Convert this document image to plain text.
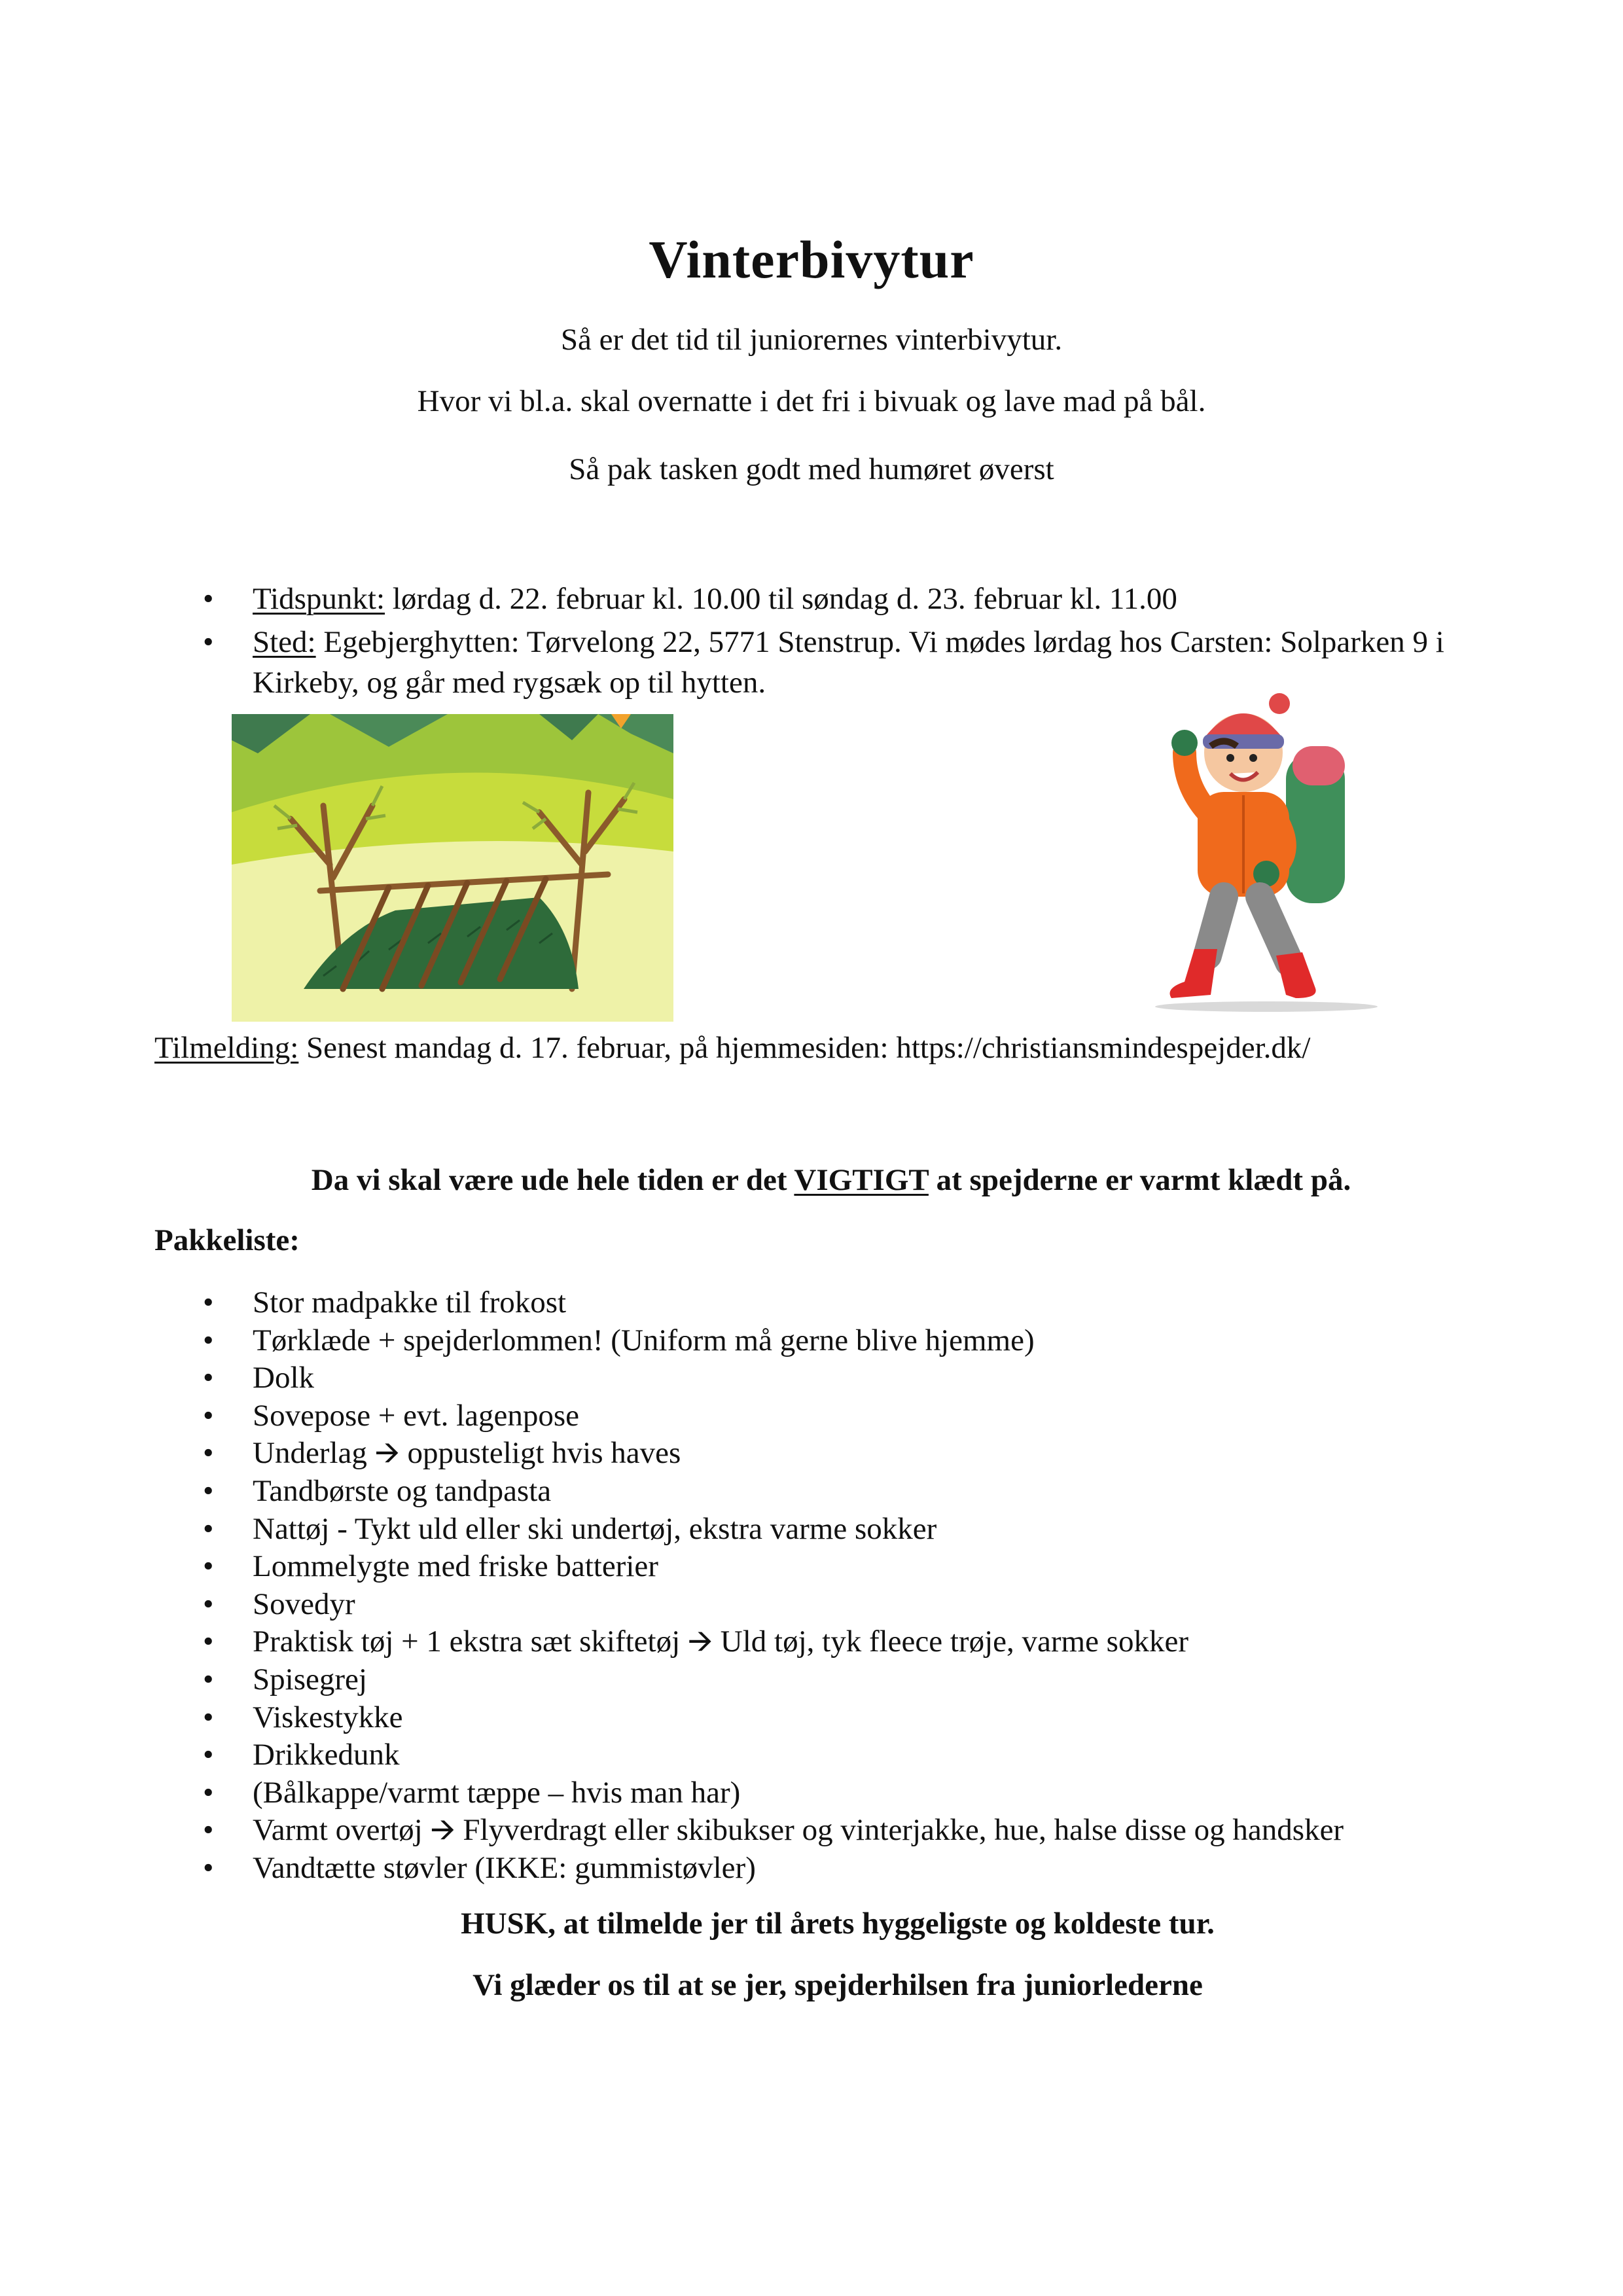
Vinterbivytur
Så er det tid til juniorernes vinterbivytur.
Hvor vi bl.a. skal overnatte i det fri i bivuak og lave mad på bål.
Så pak tasken godt med humøret øverst
• Tidspunkt: lørdag d. 22. februar kl. 10.00 til søndag d. 23. februar kl. 11.00
• Sted: Egebjerghytten: Tørvelong 22, 5771 Stenstrup. Vi mødes lørdag hos Carsten: Solparken 9 i Kirkeby, og går med rygsæk op til hytten.
Tilmelding: Senest mandag d. 17. februar, på hjemmesiden: https://christiansmindespejder.dk/
Da vi skal være ude hele tiden er det VIGTIGT at spejderne er varmt klædt på.
Pakkeliste:
• Stor madpakke til frokost
• Tørklæde + spejderlommen! (Uniform må gerne blive hjemme)
• Dolk
• Sovepose + evt. lagenpose
• Underlag 🡪 oppusteligt hvis haves
• Tandbørste og tandpasta
• Nattøj - Tykt uld eller ski undertøj, ekstra varme sokker
• Lommelygte med friske batterier
• Sovedyr
• Praktisk tøj + 1 ekstra sæt skiftetøj 🡪 Uld tøj, tyk fleece trøje, varme sokker
• Spisegrej
• Viskestykke
• Drikkedunk
• (Bålkappe/varmt tæppe – hvis man har)
• Varmt overtøj 🡪 Flyverdragt eller skibukser og vinterjakke, hue, halse disse og handsker
• Vandtætte støvler (IKKE: gummistøvler)
HUSK, at tilmelde jer til årets hyggeligste og koldeste tur.
Vi glæder os til at se jer, spejderhilsen fra juniorlederne
